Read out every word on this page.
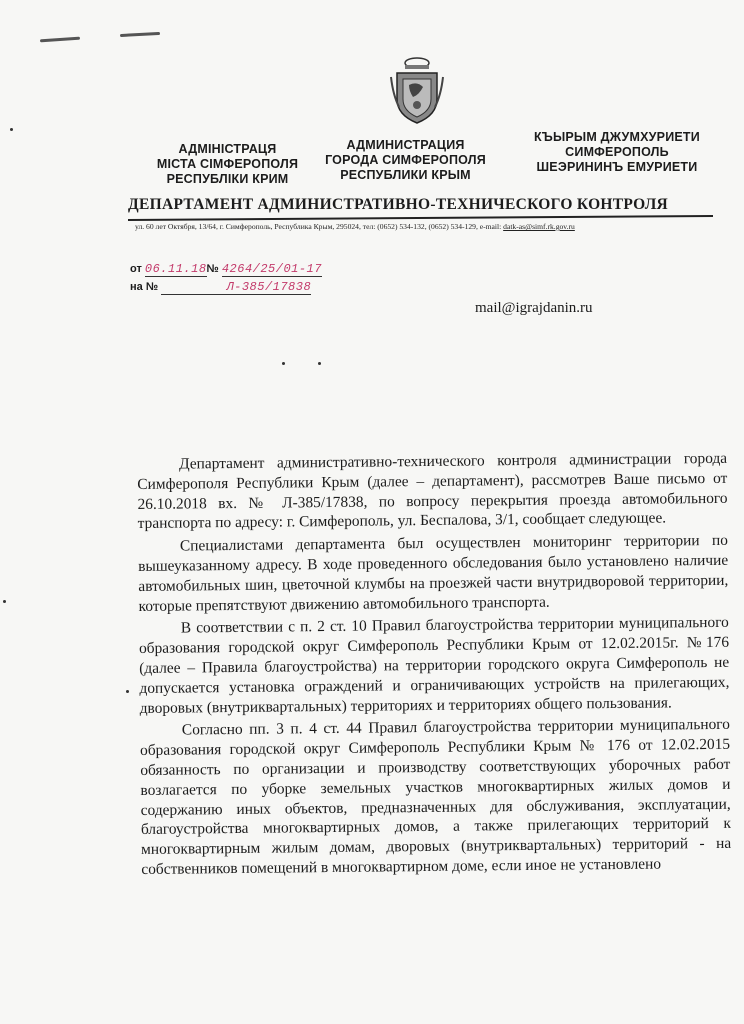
АДМІНІСТРАЦЯ
МІСТА СІМФЕРОПОЛЯ
РЕСПУБЛІКИ КРИМ
АДМИНИСТРАЦИЯ
ГОРОДА СИМФЕРОПОЛЯ
РЕСПУБЛИКИ КРЫМ
КЪЫРЫМ ДЖУМХУРИЕТИ
СИМФЕРОПОЛЬ
ШЕЭРИНИНЪ ЕМУРИЕТИ
ДЕПАРТАМЕНТ АДМИНИСТРАТИВНО-ТЕХНИЧЕСКОГО КОНТРОЛЯ
ул. 60 лет Октября, 13/64, г. Симферополь, Республика Крым, 295024, тел: (0652) 534-132, (0652) 534-129, e-mail: datk-as@simf.rk.gov.ru
от 06.11.18№ 4264/25/01-17
на №	Л-385/17838
mail@igrajdanin.ru

Департамент административно-технического контроля администрации города Симферополя Республики Крым (далее – департамент), рассмотрев Ваше письмо от 26.10.2018 вх. № Л-385/17838, по вопросу перекрытия проезда автомобильного транспорта по адресу: г. Симферополь, ул. Беспалова, 3/1, сообщает следующее.

Специалистами департамента был осуществлен мониторинг территории по вышеуказанному адресу. В ходе проведенного обследования было установлено наличие автомобильных шин, цветочной клумбы на проезжей части внутридворовой территории, которые препятствуют движению автомобильного транспорта.

В соответствии с п. 2 ст. 10 Правил благоустройства территории муниципального образования городской округ Симферополь Республики Крым от 12.02.2015г. №176 (далее – Правила благоустройства) на территории городского округа Симферополь не допускается установка ограждений и ограничивающих устройств на прилегающих, дворовых (внутриквартальных) территориях и территориях общего пользования.

Согласно пп. 3 п. 4 ст. 44 Правил благоустройства территории муниципального образования городской округ Симферополь Республики Крым № 176 от 12.02.2015 обязанность по организации и производству соответствующих уборочных работ возлагается по уборке земельных участков многоквартирных жилых домов и содержанию иных объектов, предназначенных для обслуживания, эксплуатации, благоустройства многоквартирных домов, а также прилегающих территорий к многоквартирным жилым домам, дворовых (внутриквартальных) территорий - на собственников помещений в многоквартирном доме, если иное не установлено
